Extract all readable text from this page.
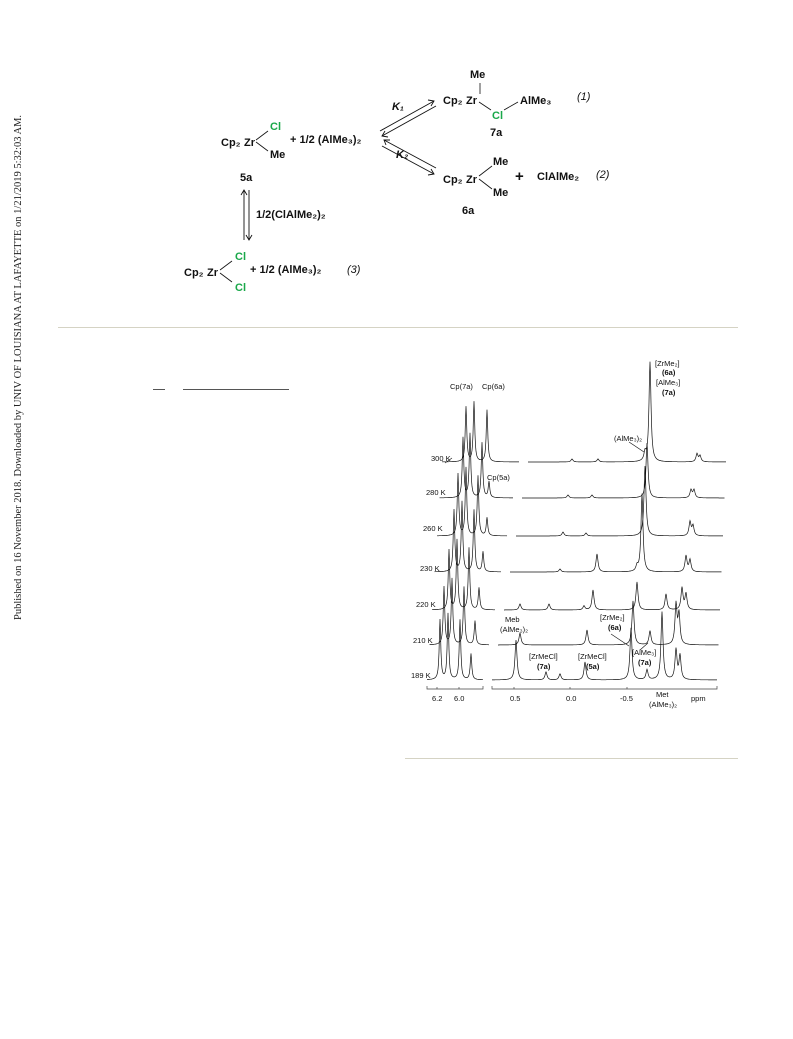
Published on 16 November 2018. Downloaded by UNIV OF LOUISIANA AT LAFAYETTE on 1/21/2019 5:32:03 AM.	Cp₂ Zr
Cl
Me
5a
+ 1/2 (AlMe₃)₂
K₁
Me
Cp₂ Zr
Cl
AlMe₃
7a
(1)
K₂
Cp₂ Zr
Me
Me
6a
+ ClAlMe₂ (2)
1/2(ClAlMe₂)₂
Cp₂ Zr
Cl
Cl
+ 1/2 (AlMe₃)₂ (3)
300 K
280 K
260 K
230 K
220 K
210 K
189 K
Cp(7a) Cp(6a)
Cp(5a)
[ZrMe₂]
(6a)
[AlMe₃]
(7a)
(AlMe₃)₂
Meb
(AlMe₃)₂
[ZrMeCl]
(7a)
[ZrMeCl]
(5a)
[ZrMe₂]
(6a)
[AlMe₃]
(7a)
Met
(AlMe₃)₂
6.2 6.0	0.5	0.0	-0.5	ppm
